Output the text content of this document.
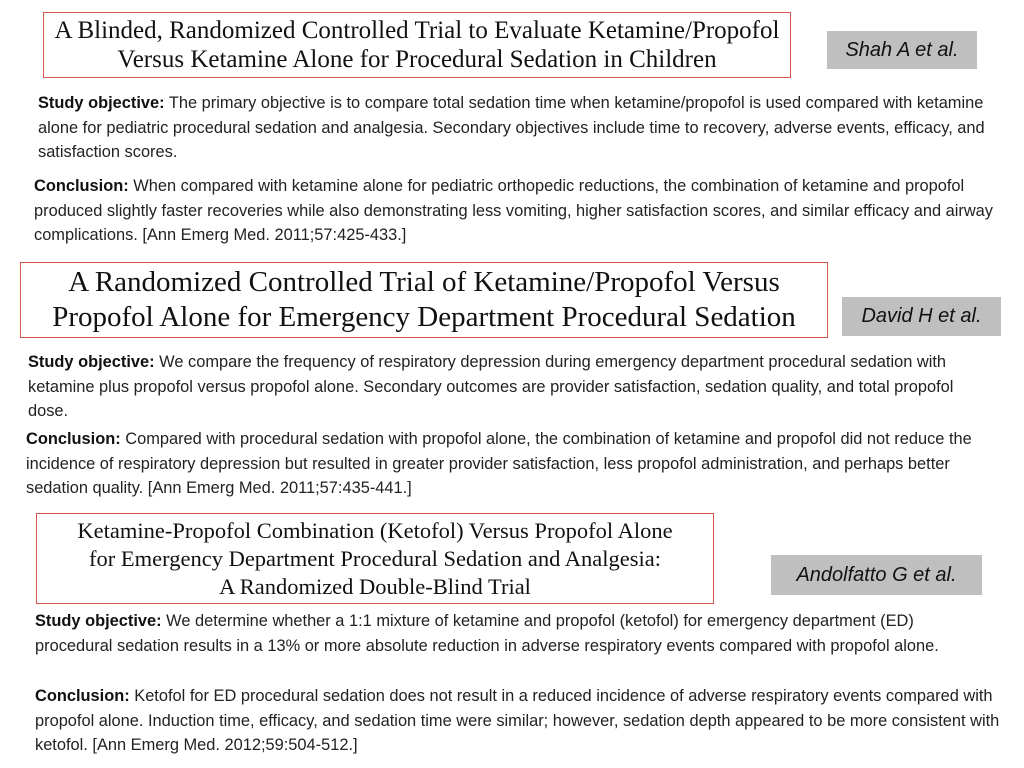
A Blinded, Randomized Controlled Trial to Evaluate Ketamine/Propofol
Versus Ketamine Alone for Procedural Sedation in Children	Shah A et al.

Study objective: The primary objective is to compare total sedation time when ketamine/propofol is used compared with ketamine alone for pediatric procedural sedation and analgesia. Secondary objectives include time to recovery, adverse events, efficacy, and satisfaction scores.

Conclusion: When compared with ketamine alone for pediatric orthopedic reductions, the combination of ketamine and propofol produced slightly faster recoveries while also demonstrating less vomiting, higher satisfaction scores, and similar efficacy and airway complications. [Ann Emerg Med. 2011;57:425-433.]

A Randomized Controlled Trial of Ketamine/Propofol Versus
Propofol Alone for Emergency Department Procedural Sedation	David H et al.

Study objective: We compare the frequency of respiratory depression during emergency department procedural sedation with ketamine plus propofol versus propofol alone. Secondary outcomes are provider satisfaction, sedation quality, and total propofol dose.

Conclusion: Compared with procedural sedation with propofol alone, the combination of ketamine and propofol did not reduce the incidence of respiratory depression but resulted in greater provider satisfaction, less propofol administration, and perhaps better sedation quality. [Ann Emerg Med. 2011;57:435-441.]

Ketamine-Propofol Combination (Ketofol) Versus Propofol Alone
for Emergency Department Procedural Sedation and Analgesia:
A Randomized Double-Blind Trial	Andolfatto G et al.

Study objective: We determine whether a 1:1 mixture of ketamine and propofol (ketofol) for emergency department (ED) procedural sedation results in a 13% or more absolute reduction in adverse respiratory events compared with propofol alone.

Conclusion: Ketofol for ED procedural sedation does not result in a reduced incidence of adverse respiratory events compared with propofol alone. Induction time, efficacy, and sedation time were similar; however, sedation depth appeared to be more consistent with ketofol. [Ann Emerg Med. 2012;59:504-512.]
